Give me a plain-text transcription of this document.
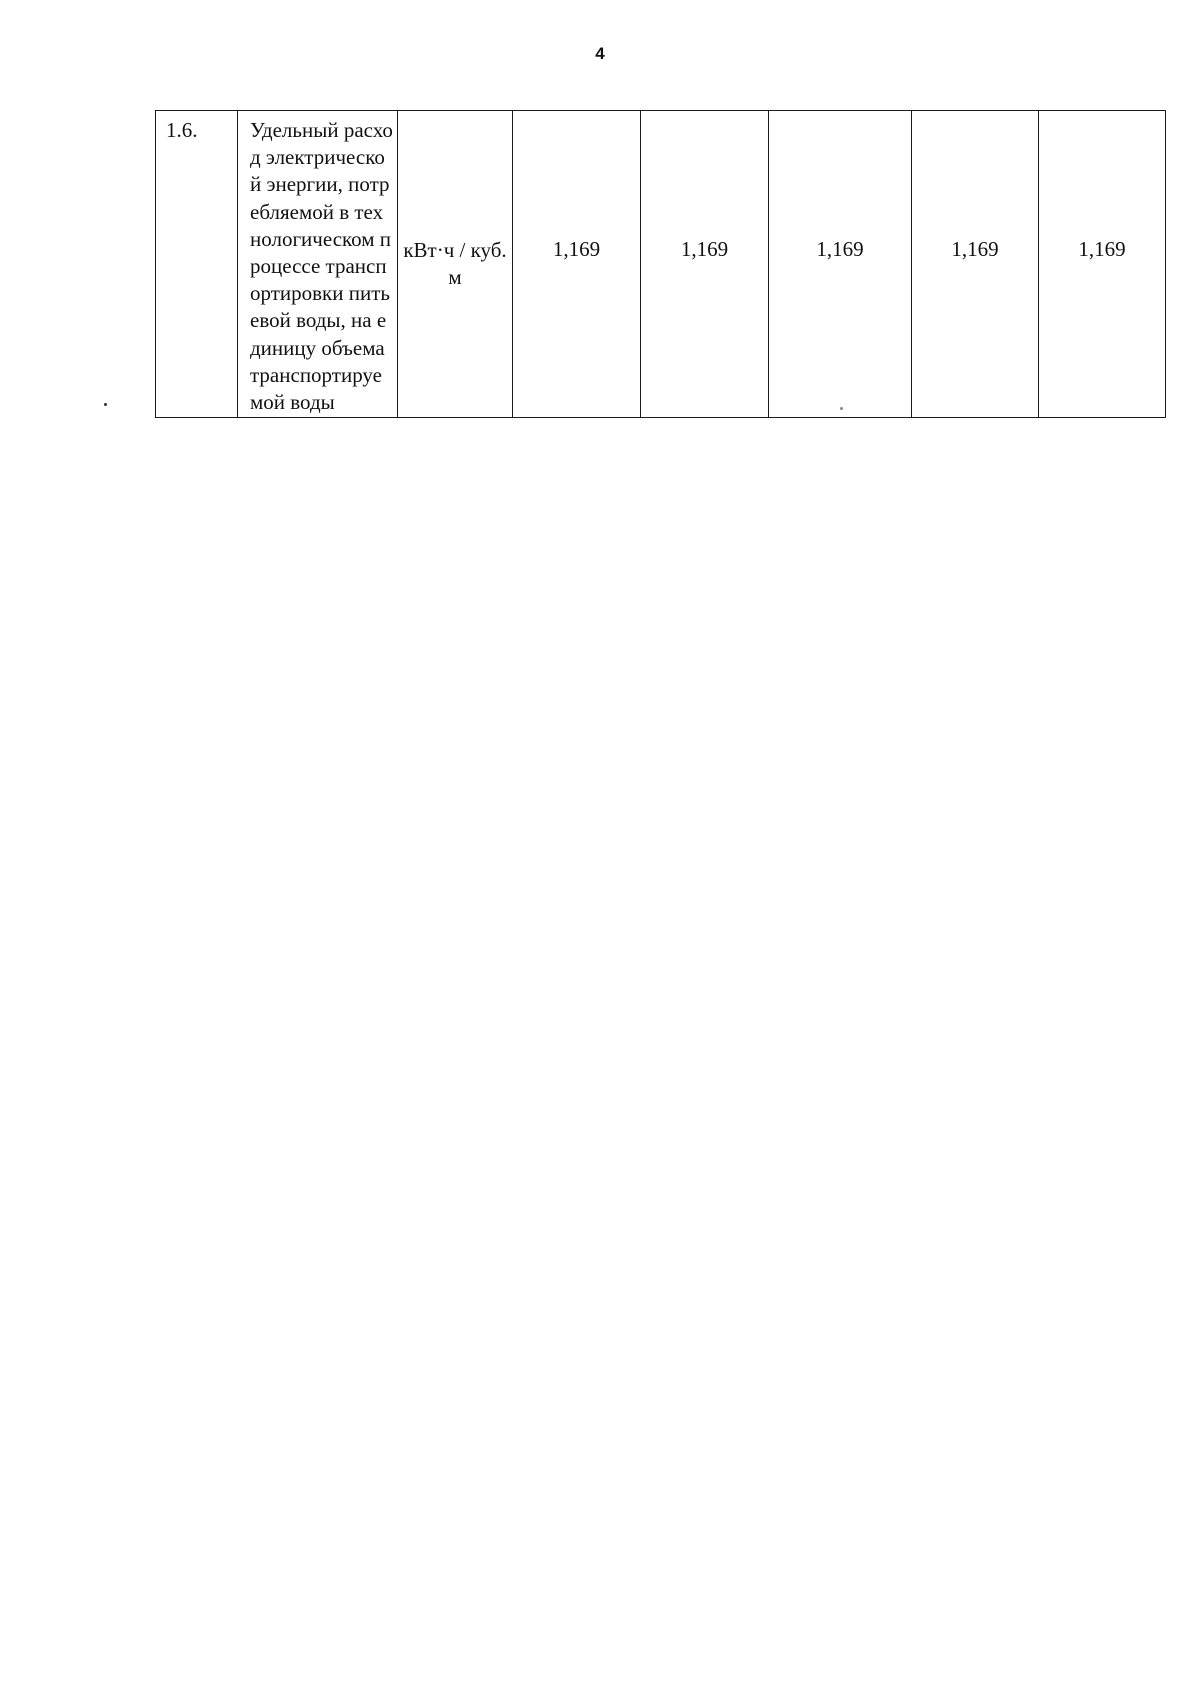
4
1.6.	Удельный расход электрической энергии, потребляемой в технологическом процессе транспортировки питьевой воды, на единицу объема транспортируемой воды	кВт·ч / куб. м	1,169	1,169	1,169	1,169	1,169
